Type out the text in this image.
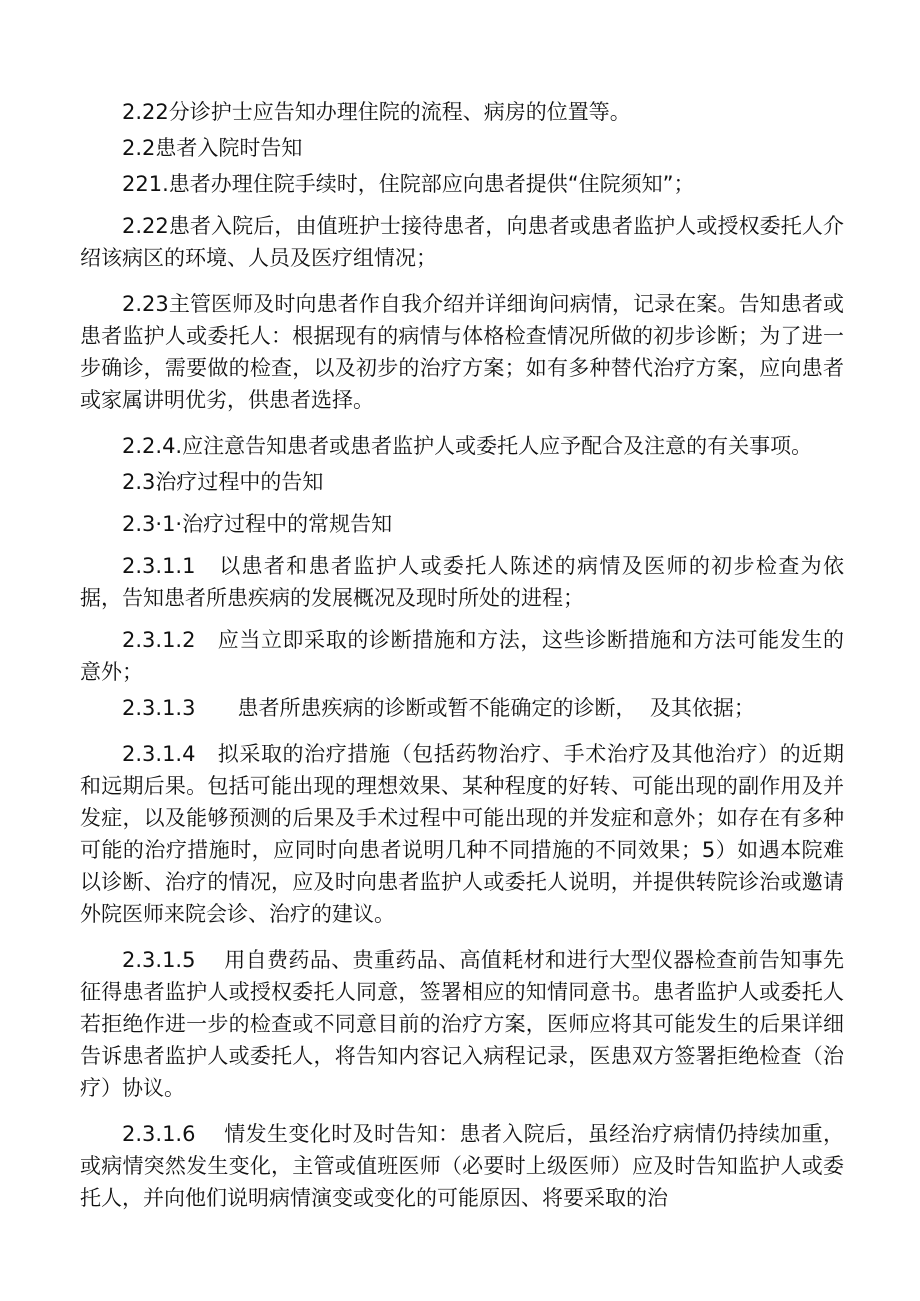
2.22分诊护士应告知办理住院的流程、病房的位置等。

2.2患者入院时告知

221.患者办理住院手续时，住院部应向患者提供“住院须知”；

2.22患者入院后，由值班护士接待患者，向患者或患者监护人或授权委托人介绍该病区的环境、人员及医疗组情况；

2.23主管医师及时向患者作自我介绍并详细询问病情，记录在案。告知患者或患者监护人或委托人：根据现有的病情与体格检查情况所做的初步诊断；为了进一步确诊，需要做的检查，以及初步的治疗方案；如有多种替代治疗方案，应向患者或家属讲明优劣，供患者选择。

2.2.4.应注意告知患者或患者监护人或委托人应予配合及注意的有关事项。

2.3治疗过程中的告知

2.3·1·治疗过程中的常规告知

2.3.1.1　以患者和患者监护人或委托人陈述的病情及医师的初步检查为依据，告知患者所患疾病的发展概况及现时所处的进程；

2.3.1.2　应当立即采取的诊断措施和方法，这些诊断措施和方法可能发生的意外；

2.3.1.3　　患者所患疾病的诊断或暂不能确定的诊断，  及其依据；

2.3.1.4　拟采取的治疗措施（包括药物治疗、手术治疗及其他治疗）的近期和远期后果。包括可能出现的理想效果、某种程度的好转、可能出现的副作用及并发症，以及能够预测的后果及手术过程中可能出现的并发症和意外；如存在有多种可能的治疗措施时，应同时向患者说明几种不同措施的不同效果；5）如遇本院难以诊断、治疗的情况，应及时向患者监护人或委托人说明，并提供转院诊治或邀请外院医师来院会诊、治疗的建议。

2.3.1.5　 用自费药品、贵重药品、高值耗材和进行大型仪器检查前告知事先征得患者监护人或授权委托人同意，签署相应的知情同意书。患者监护人或委托人若拒绝作进一步的检查或不同意目前的治疗方案，医师应将其可能发生的后果详细告诉患者监护人或委托人，将告知内容记入病程记录，医患双方签署拒绝检查（治疗）协议。

2.3.1.6　 情发生变化时及时告知：患者入院后，虽经治疗病情仍持续加重，或病情突然发生变化，主管或值班医师（必要时上级医师）应及时告知监护人或委托人，并向他们说明病情演变或变化的可能原因、将要采取的治
